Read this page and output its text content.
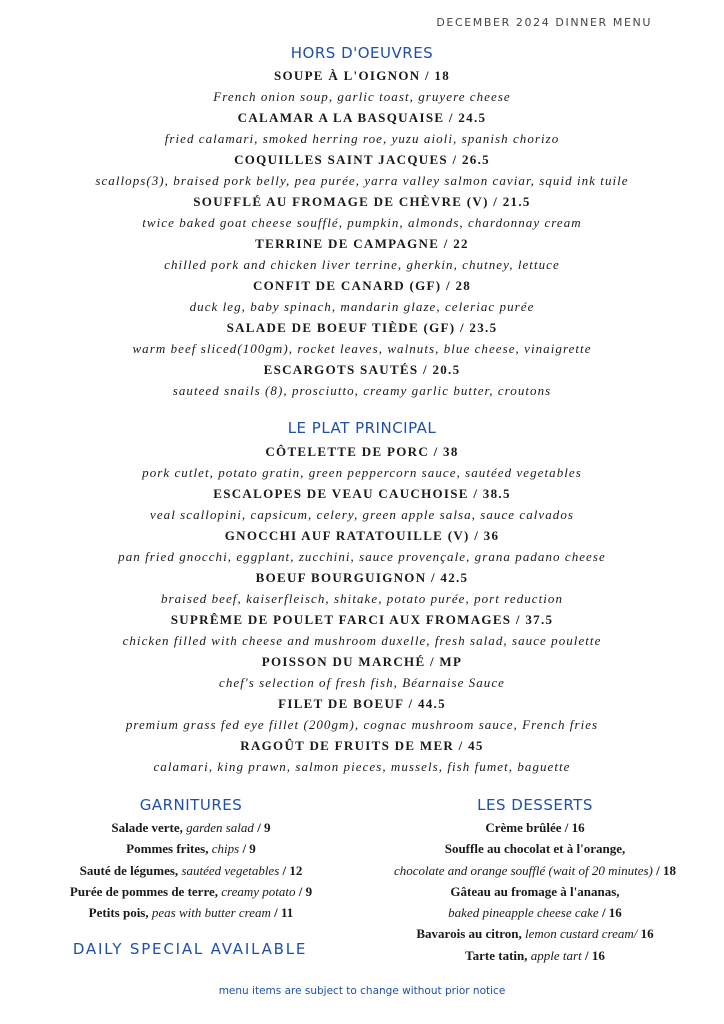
DECEMBER 2024 DINNER MENU
HORS D'OEUVRES
SOUPE À L'OIGNON / 18
French onion soup, garlic toast, gruyere cheese
CALAMAR A LA BASQUAISE / 24.5
fried calamari, smoked herring roe, yuzu aioli, spanish chorizo
COQUILLES SAINT JACQUES / 26.5
scallops(3), braised pork belly, pea purée, yarra valley salmon caviar, squid ink tuile
SOUFFLÉ AU FROMAGE DE CHÈVRE (V) / 21.5
twice baked goat cheese soufflé, pumpkin, almonds, chardonnay cream
TERRINE DE CAMPAGNE / 22
chilled pork and chicken liver terrine, gherkin, chutney, lettuce
CONFIT DE CANARD (GF) / 28
duck leg, baby spinach, mandarin glaze, celeriac purée
SALADE DE BOEUF TIÈDE (GF) / 23.5
warm beef sliced(100gm), rocket leaves, walnuts, blue cheese, vinaigrette
ESCARGOTS SAUTÉS / 20.5
sauteed snails (8), prosciutto, creamy garlic butter, croutons
LE PLAT PRINCIPAL
CÔTELETTE DE PORC / 38
pork cutlet, potato gratin, green peppercorn sauce, sautéed vegetables
ESCALOPES DE VEAU CAUCHOISE / 38.5
veal scallopini, capsicum, celery, green apple salsa, sauce calvados
GNOCCHI AUF RATATOUILLE (V) / 36
pan fried gnocchi, eggplant, zucchini, sauce provençale, grana padano cheese
BOEUF BOURGUIGNON / 42.5
braised beef, kaiserfleisch, shitake, potato purée, port reduction
SUPRÊME DE POULET FARCI AUX FROMAGES / 37.5
chicken filled with cheese and mushroom duxelle, fresh salad, sauce poulette
POISSON DU MARCHÉ / MP
chef's selection of fresh fish, Béarnaise Sauce
FILET DE BOEUF / 44.5
premium grass fed eye fillet (200gm), cognac mushroom sauce, French fries
RAGOÛT DE FRUITS DE MER / 45
calamari, king prawn, salmon pieces, mussels, fish fumet, baguette
GARNITURES
Salade verte, garden salad / 9
Pommes frites, chips / 9
Sauté de légumes, sautéed vegetables / 12
Purée de pommes de terre, creamy potato / 9
Petits pois, peas with butter cream / 11
LES DESSERTS
Crème brûlée / 16
Souffle au chocolat et à l'orange,
chocolate and orange soufflé (wait of 20 minutes) / 18
Gâteau au fromage à l'ananas,
baked pineapple cheese cake / 16
Bavarois au citron, lemon custard cream/ 16
Tarte tatin, apple tart / 16
DAILY SPECIAL AVAILABLE
menu items are subject to change without prior notice
